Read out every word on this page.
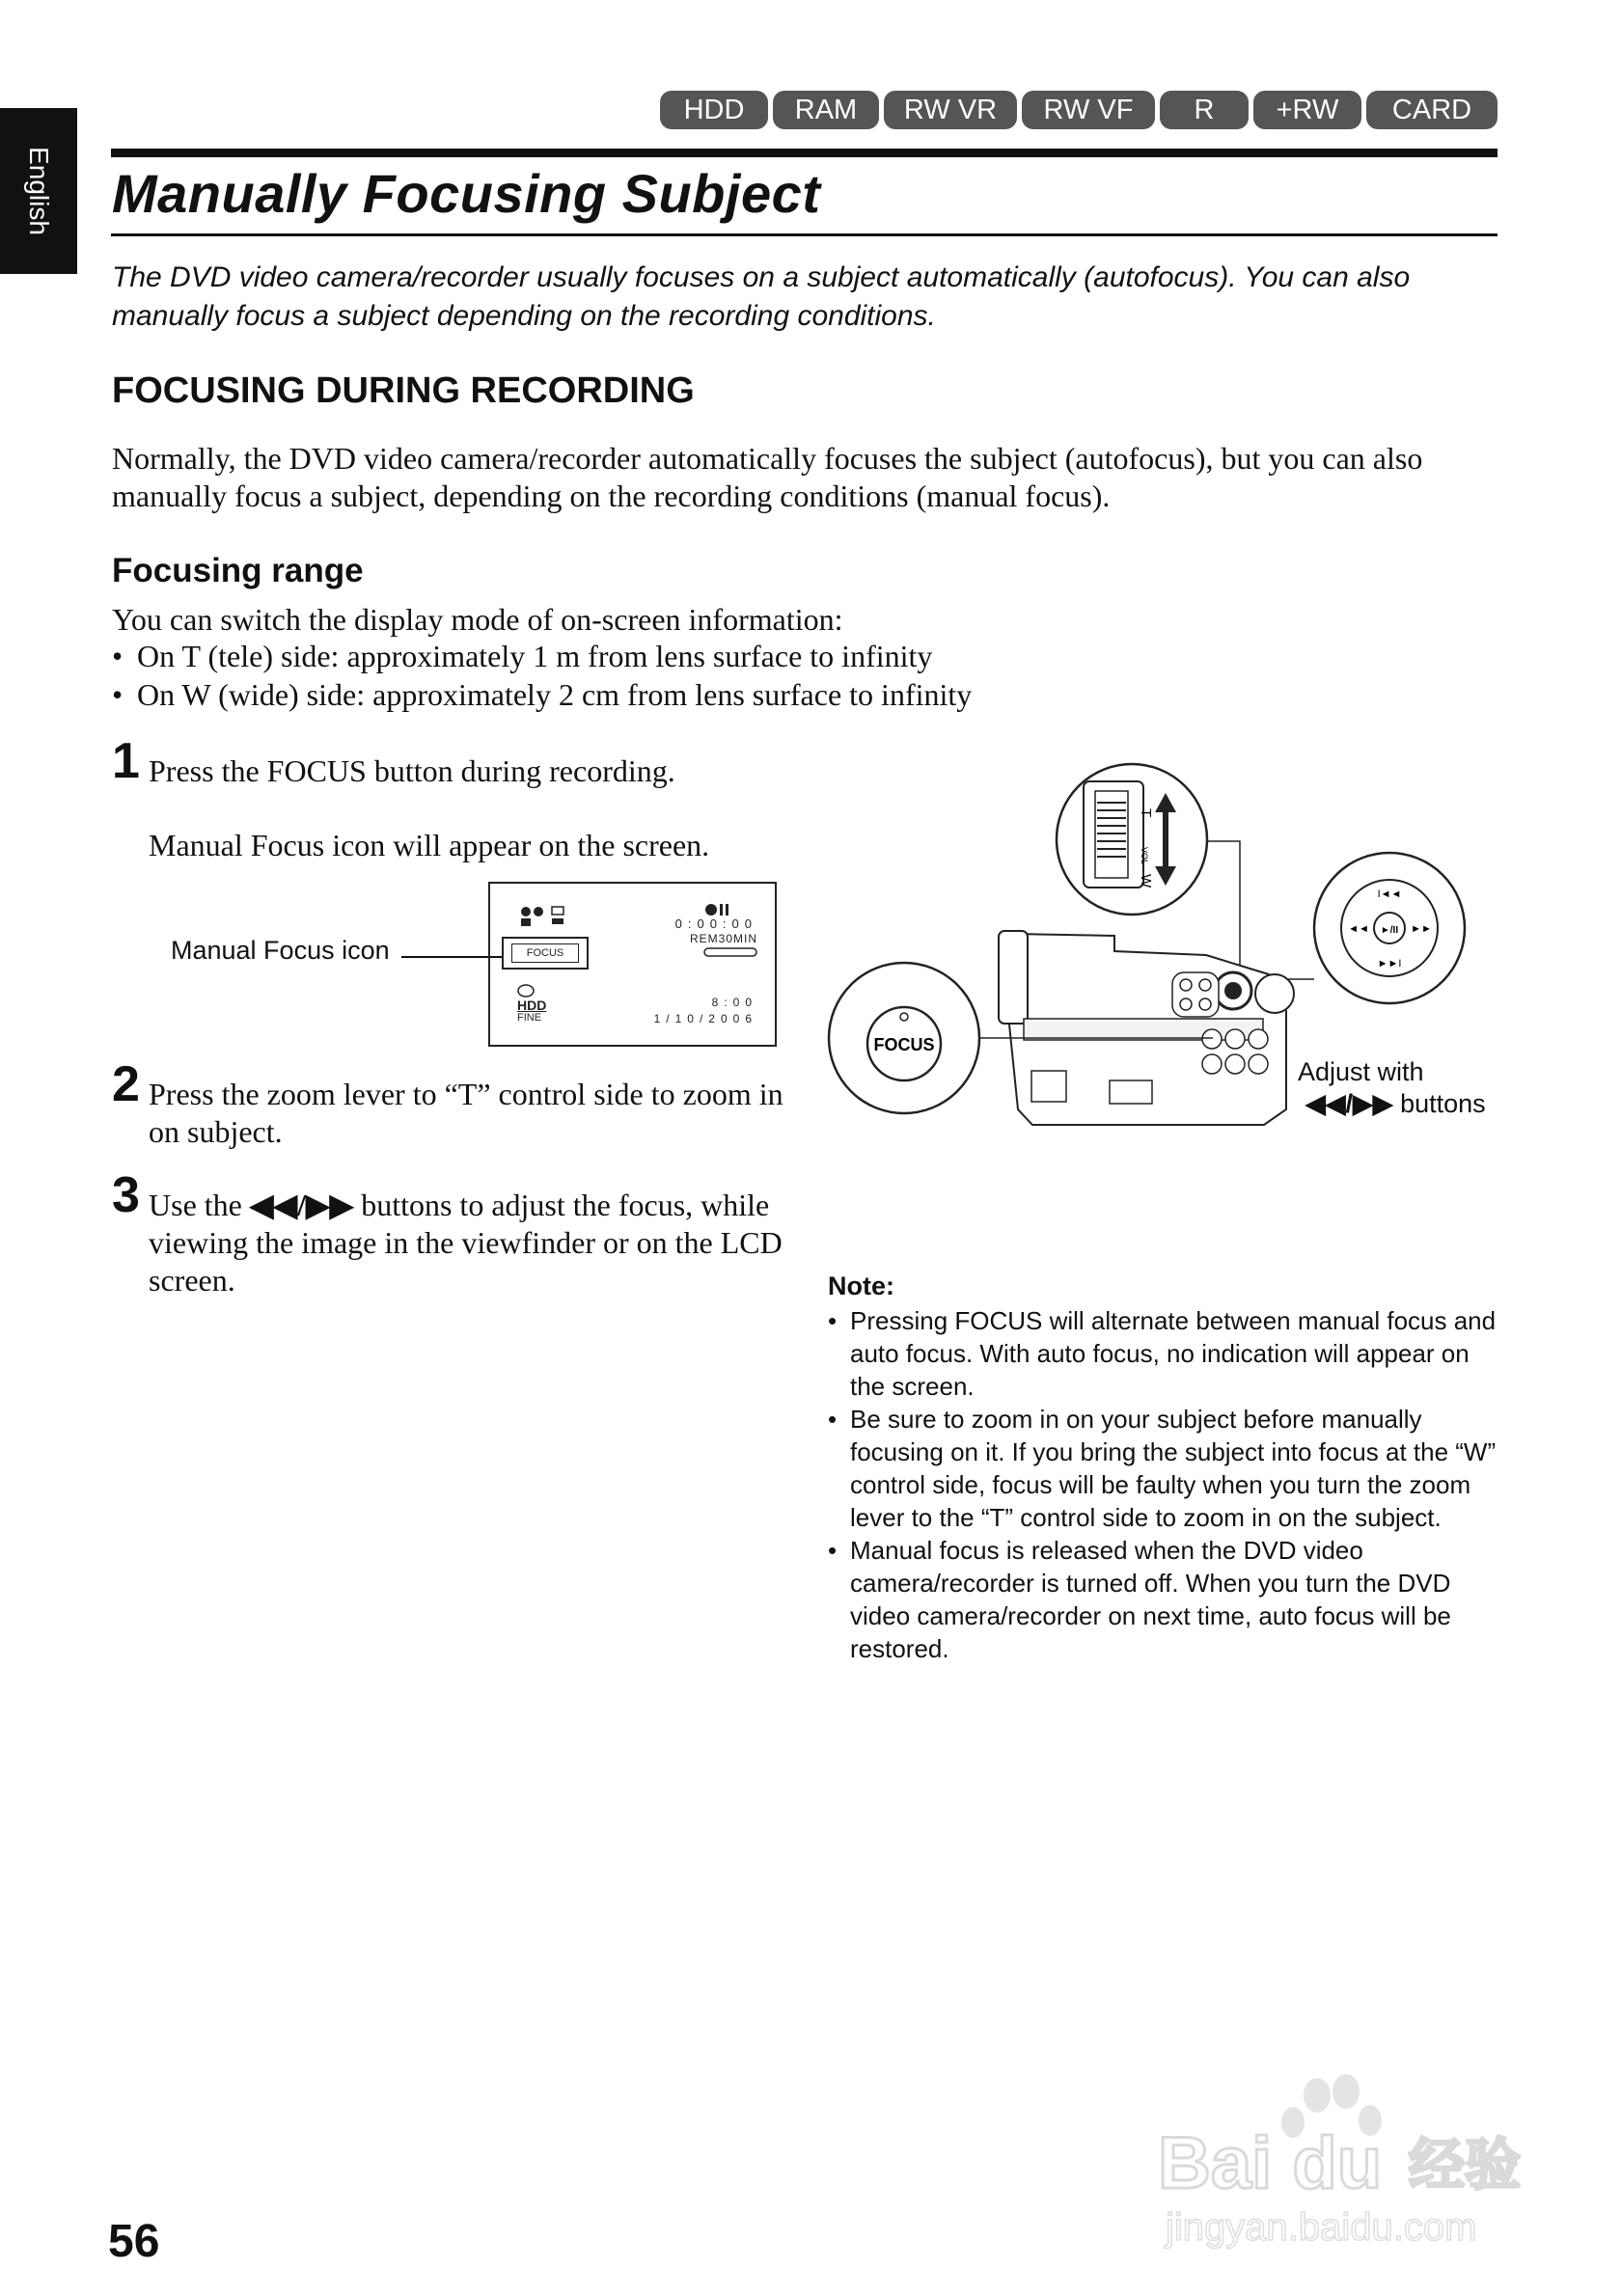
English
HDD	RAM	RW VR	RW VF	R	+RW	CARD
Manually Focusing Subject

The DVD video camera/recorder usually focuses on a subject automatically (autofocus). You can also manually focus a subject depending on the recording conditions.

FOCUSING DURING RECORDING

Normally, the DVD video camera/recorder automatically focuses the subject (autofocus), but you can also manually focus a subject, depending on the recording conditions (manual focus).

Focusing range

You can switch the display mode of on-screen information:

• On T (tele) side: approximately 1 m from lens surface to infinity
• On W (wide) side: approximately 2 cm from lens surface to infinity
1 Press the FOCUS button during recording.

Manual Focus icon will appear on the screen.

Manual Focus icon
0:00:00
REM30MIN
FOCUS
HDD
FINE
8:00
1/10/2006
2 Press the zoom lever to “T” control side to zoom in on subject.
3 Use the ◀◀/▶▶ buttons to adjust the focus, while viewing the image in the viewfinder or on the LCD screen.
T
VOL
W
►/II
I◄◄
►►I
◄◄	►►
FOCUS
Adjust with
◀◀/▶▶ buttons
Note:
• Pressing FOCUS will alternate between manual focus and auto focus. With auto focus, no indication will appear on the screen.
• Be sure to zoom in on your subject before manually focusing on it. If you bring the subject into focus at the “W” control side, focus will be faulty when you turn the zoom lever to the “T” control side to zoom in on the subject.
• Manual focus is released when the DVD video camera/recorder is turned off. When you turn the DVD video camera/recorder on next time, auto focus will be restored.
56
Bai du 经验
jingyan.baidu.com
